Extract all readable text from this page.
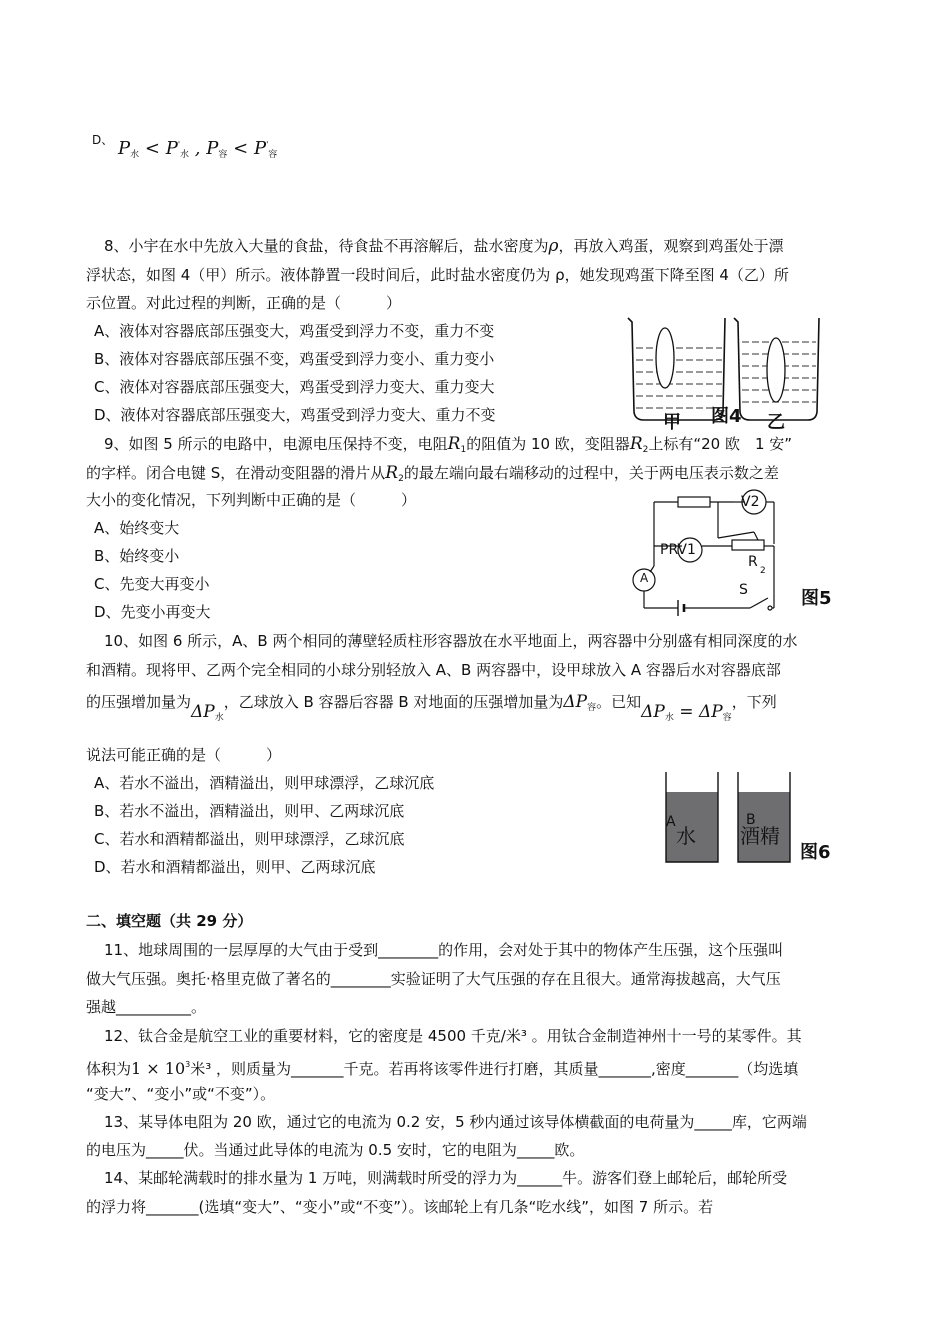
D、 $P_水 < P'_水$ , $P_容 < P'_容$
8、小宇在水中先放入大量的食盐，待食盐不再溶解后，盐水密度为ρ，再放入鸡蛋，观察到鸡蛋处于漂
浮状态，如图 4（甲）所示。液体静置一段时间后，此时盐水密度仍为 ρ，她发现鸡蛋下降至图 4（乙）所
示位置。对此过程的判断，正确的是（　　　）
A、液体对容器底部压强变大，鸡蛋受到浮力不变，重力不变
B、液体对容器底部压强不变，鸡蛋受到浮力变小、重力变小
C、液体对容器底部压强变大，鸡蛋受到浮力变大、重力变大
D、液体对容器底部压强变大，鸡蛋受到浮力变大、重力不变	甲 图4 乙
9、如图 5 所示的电路中，电源电压保持不变，电阻$R_1$的阻值为 10 欧，变阻器$R_2$上标有“20 欧　1 安”
的字样。闭合电键 S，在滑动变阻器的滑片从$R_2$的最左端向最右端移动的过程中，关于两电压表示数之差
大小的变化情况，下列判断中正确的是（　　　）
A、始终变大
B、始终变小
C、先变大再变小
D、先变小再变大
V2
PRV1
R
2
A
S	图5
10、如图 6 所示，A、B 两个相同的薄壁轻质柱形容器放在水平地面上，两容器中分别盛有相同深度的水
和酒精。现将甲、乙两个完全相同的小球分别轻放入 A、B 两容器中，设甲球放入 A 容器后水对容器底部
的压强增加量为$\Delta P_水$，乙球放入 B 容器后容器 B 对地面的压强增加量为$\Delta P_容$。已知$\Delta P_水 = \Delta P_容$，下列
说法可能正确的是（　　　）
A、若水不溢出，酒精溢出，则甲球漂浮，乙球沉底
B、若水不溢出，酒精溢出，则甲、乙两球沉底
C、若水和酒精都溢出，则甲球漂浮，乙球沉底
D、若水和酒精都溢出，则甲、乙两球沉底
A
水
B
酒精
图6
二、填空题（共 29 分）
11、地球周围的一层厚厚的大气由于受到________的作用，会对处于其中的物体产生压强，这个压强叫
做大气压强。奥托·格里克做了著名的________实验证明了大气压强的存在且很大。通常海拔越高，大气压
强越__________。
12、钛合金是航空工业的重要材料，它的密度是 4500 千克/米³ 。用钛合金制造神州十一号的某零件。其
体积为$1 \times 10^3$米³ ，则质量为_______千克。若再将该零件进行打磨，其质量_______,密度_______（均选填
“变大”、“变小”或“不变”）。
13、某导体电阻为 20 欧，通过它的电流为 0.2 安，5 秒内通过该导体横截面的电荷量为_____库，它两端
的电压为_____伏。当通过此导体的电流为 0.5 安时，它的电阻为_____欧。
14、某邮轮满载时的排水量为 1 万吨，则满载时所受的浮力为______牛。游客们登上邮轮后，邮轮所受
的浮力将_______(选填“变大”、“变小”或“不变”）。该邮轮上有几条“吃水线”，如图 7 所示。若
